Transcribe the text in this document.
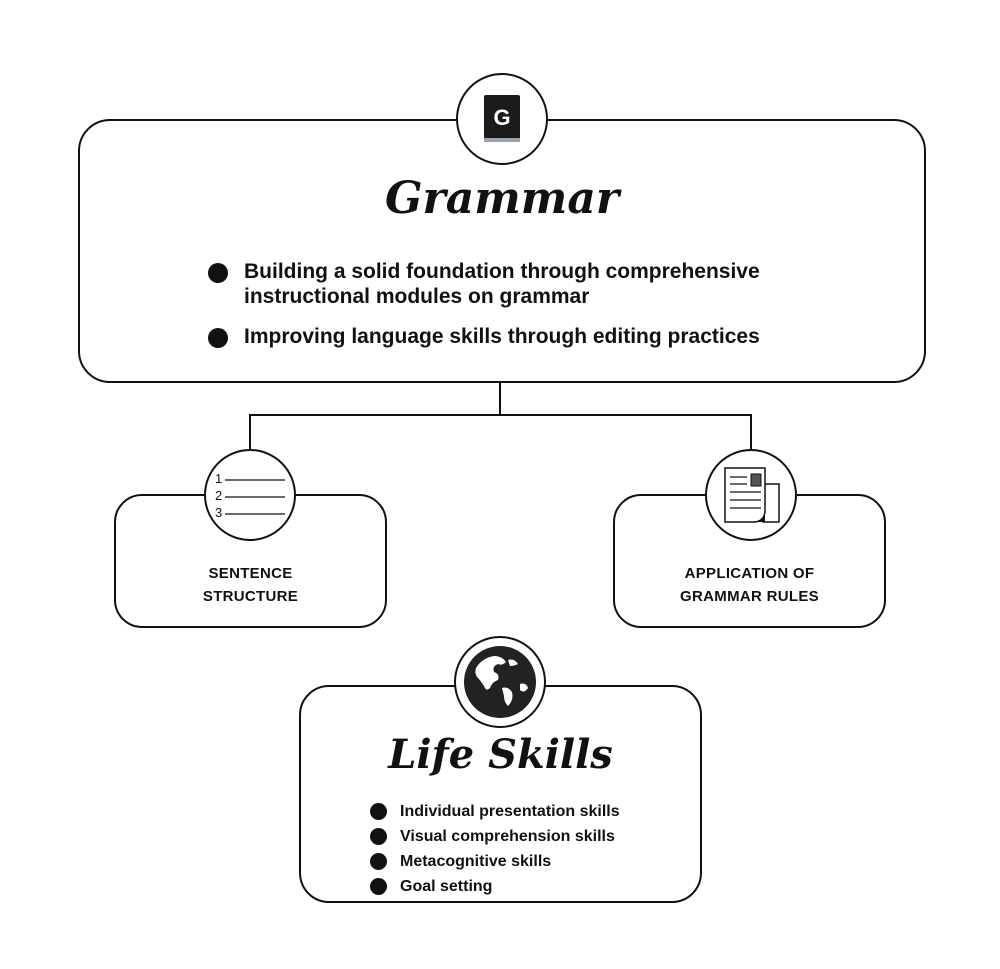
Grammar
Building a solid foundation through comprehensive instructional modules on grammar
Improving language skills through editing practices
G
SENTENCE STRUCTURE
1
2
3
APPLICATION OF GRAMMAR RULES
Life Skills
Individual presentation skills
Visual comprehension skills
Metacognitive skills
Goal setting
